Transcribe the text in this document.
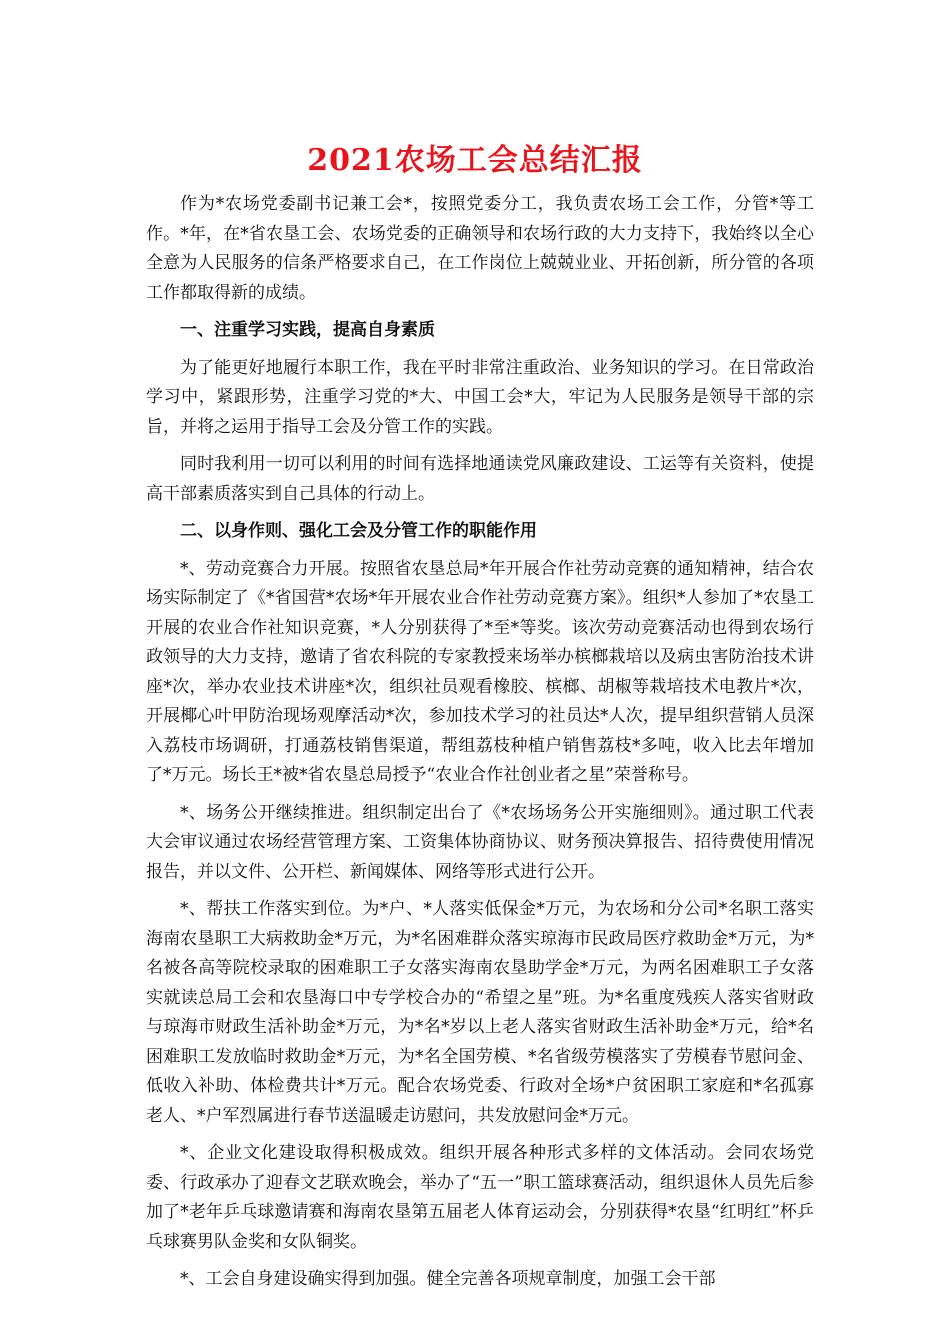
2021农场工会总结汇报

作为*农场党委副书记兼工会*，按照党委分工，我负责农场工会工作，分管*等工作。*年，在*省农垦工会、农场党委的正确领导和农场行政的大力支持下，我始终以全心全意为人民服务的信条严格要求自己，在工作岗位上兢兢业业、开拓创新，所分管的各项工作都取得新的成绩。

一、注重学习实践，提高自身素质

为了能更好地履行本职工作，我在平时非常注重政治、业务知识的学习。在日常政治学习中，紧跟形势，注重学习党的*大、中国工会*大，牢记为人民服务是领导干部的宗旨，并将之运用于指导工会及分管工作的实践。

同时我利用一切可以利用的时间有选择地通读党风廉政建设、工运等有关资料，使提高干部素质落实到自己具体的行动上。

二、以身作则、强化工会及分管工作的职能作用

*、劳动竞赛合力开展。按照省农垦总局*年开展合作社劳动竞赛的通知精神，结合农场实际制定了《*省国营*农场*年开展农业合作社劳动竞赛方案》。组织*人参加了*农垦工开展的农业合作社知识竞赛，*人分别获得了*至*等奖。该次劳动竞赛活动也得到农场行政领导的大力支持，邀请了省农科院的专家教授来场举办槟榔栽培以及病虫害防治技术讲座*次，举办农业技术讲座*次，组织社员观看橡胶、槟榔、胡椒等栽培技术电教片*次，开展椰心叶甲防治现场观摩活动*次，参加技术学习的社员达*人次，提早组织营销人员深入荔枝市场调研，打通荔枝销售渠道，帮组荔枝种植户销售荔枝*多吨，收入比去年增加了*万元。场长王*被*省农垦总局授予“农业合作社创业者之星”荣誉称号。

*、场务公开继续推进。组织制定出台了《*农场场务公开实施细则》。通过职工代表大会审议通过农场经营管理方案、工资集体协商协议、财务预决算报告、招待费使用情况报告，并以文件、公开栏、新闻媒体、网络等形式进行公开。

*、帮扶工作落实到位。为*户、*人落实低保金*万元，为农场和分公司*名职工落实海南农垦职工大病救助金*万元，为*名困难群众落实琼海市民政局医疗救助金*万元，为*名被各高等院校录取的困难职工子女落实海南农垦助学金*万元，为两名困难职工子女落实就读总局工会和农垦海口中专学校合办的“希望之星”班。为*名重度残疾人落实省财政与琼海市财政生活补助金*万元，为*名*岁以上老人落实省财政生活补助金*万元，给*名困难职工发放临时救助金*万元，为*名全国劳模、*名省级劳模落实了劳模春节慰问金、低收入补助、体检费共计*万元。配合农场党委、行政对全场*户贫困职工家庭和*名孤寡老人、*户军烈属进行春节送温暖走访慰问，共发放慰问金*万元。

*、企业文化建设取得积极成效。组织开展各种形式多样的文体活动。会同农场党委、行政承办了迎春文艺联欢晚会，举办了“五一”职工篮球赛活动，组织退休人员先后参加了*老年乒乓球邀请赛和海南农垦第五届老人体育运动会，分别获得*农垦“红明红”杯乒乓球赛男队金奖和女队铜奖。

*、工会自身建设确实得到加强。健全完善各项规章制度，加强工会干部
